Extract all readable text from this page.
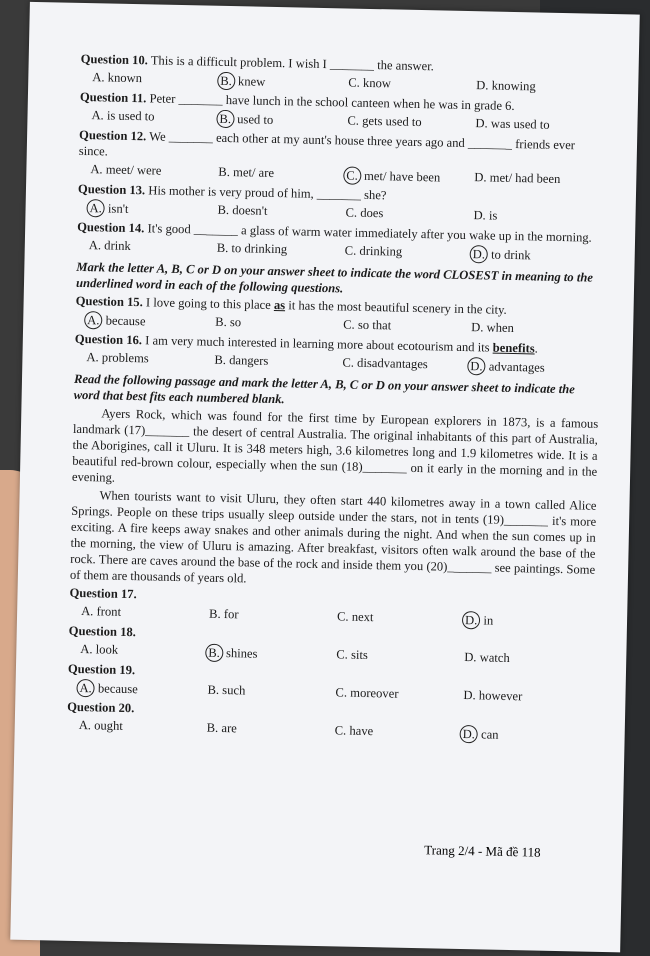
Question 10. This is a difficult problem. I wish I _______ the answer.
A. known	B. knew	C. know	D. knowing
Question 11. Peter _______ have lunch in the school canteen when he was in grade 6.
A. is used to	B. used to	C. gets used to	D. was used to
Question 12. We _______ each other at my aunt's house three years ago and _______ friends ever since.
A. meet/ were	B. met/ are	C. met/ have been	D. met/ had been
Question 13. His mother is very proud of him, _______ she?
A. isn't	B. doesn't	C. does	D. is
Question 14. It's good _______ a glass of warm water immediately after you wake up in the morning.
A. drink	B. to drinking	C. drinking	D. to drink
Mark the letter A, B, C or D on your answer sheet to indicate the word CLOSEST in meaning to the underlined word in each of the following questions.
Question 15. I love going to this place as it has the most beautiful scenery in the city.
A. because	B. so	C. so that	D. when
Question 16. I am very much interested in learning more about ecotourism and its benefits.
A. problems	B. dangers	C. disadvantages	D. advantages
Read the following passage and mark the letter A, B, C or D on your answer sheet to indicate the word that best fits each numbered blank.
Ayers Rock, which was found for the first time by European explorers in 1873, is a famous landmark (17)_______ the desert of central Australia. The original inhabitants of this part of Australia, the Aborigines, call it Uluru. It is 348 meters high, 3.6 kilometres long and 1.9 kilometres wide. It is a beautiful red-brown colour, especially when the sun (18)_______ on it early in the morning and in the evening.
When tourists want to visit Uluru, they often start 440 kilometres away in a town called Alice Springs. People on these trips usually sleep outside under the stars, not in tents (19)_______ it's more exciting. A fire keeps away snakes and other animals during the night. And when the sun comes up in the morning, the view of Uluru is amazing. After breakfast, visitors often walk around the base of the rock. There are caves around the base of the rock and inside them you (20)_______ see paintings. Some of them are thousands of years old.
Question 17.
A. front	B. for	C. next	D. in
Question 18.
A. look	B. shines	C. sits	D. watch
Question 19.
A. because	B. such	C. moreover	D. however
Question 20.
A. ought	B. are	C. have	D. can
Trang 2/4 - Mã đề 118
